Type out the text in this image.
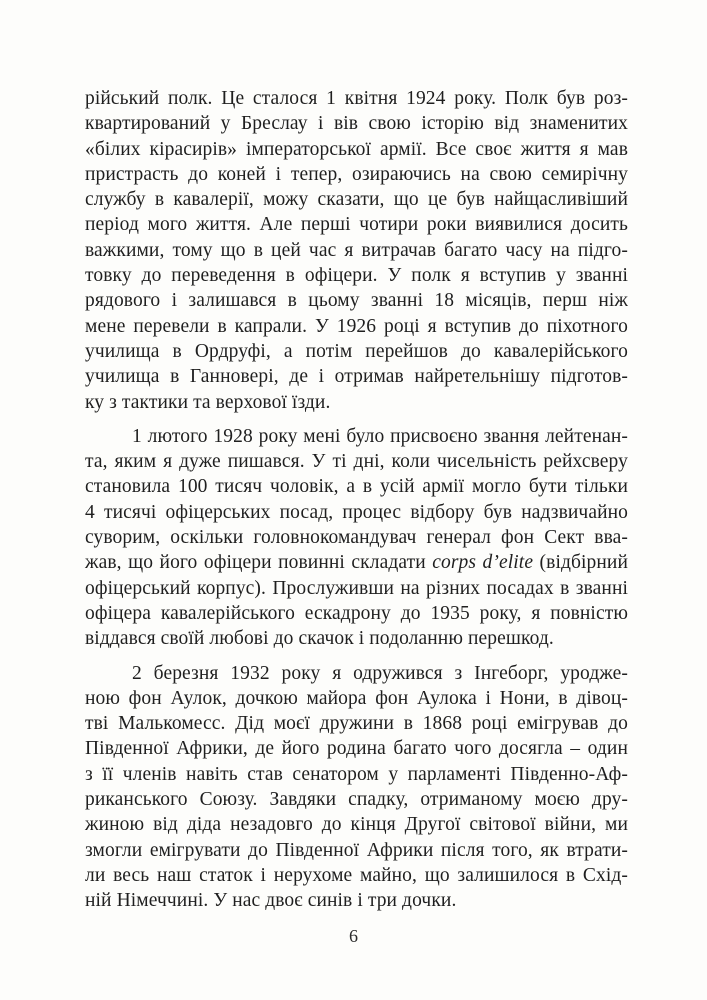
рійський полк. Це сталося 1 квітня 1924 року. Полк був роз-
квартирований у Бреслау і вів свою історію від знаменитих
«білих кірасирів» імператорської армії. Все своє життя я мав
пристрасть до коней і тепер, озираючись на свою семирічну
службу в кавалерії, можу сказати, що це був найщасливіший
період мого життя. Але перші чотири роки виявилися досить
важкими, тому що в цей час я витрачав багато часу на підго-
товку до переведення в офіцери. У полк я вступив у званні
рядового і залишався в цьому званні 18 місяців, перш ніж
мене перевели в капрали. У 1926 році я вступив до піхотного
училища в Ордруфі, а потім перейшов до кавалерійського
училища в Ганновері, де і отримав найретельнішу підготов-
ку з тактики та верхової їзди.
1 лютого 1928 року мені було присвоєно звання лейтенан-
та, яким я дуже пишався. У ті дні, коли чисельність рейхсверу
становила 100 тисяч чоловік, а в усій армії могло бути тільки
4 тисячі офіцерських посад, процес відбору був надзвичайно
суворим, оскільки головнокомандувач генерал фон Сект вва-
жав, що його офіцери повинні складати corps d’elite (відбірний
офіцерський корпус). Прослуживши на різних посадах в званні
офіцера кавалерійського ескадрону до 1935 року, я повністю
віддався своїй любові до скачок і подоланню перешкод.
2 березня 1932 року я одружився з Інгеборг, уродже-
ною фон Аулок, дочкою майора фон Аулока і Нони, в дівоц-
тві Малькомесс. Дід моєї дружини в 1868 році емігрував до
Південної Африки, де його родина багато чого досягла – один
з її членів навіть став сенатором у парламенті Південно-Аф-
риканського Союзу. Завдяки спадку, отриманому моєю дру-
жиною від діда незадовго до кінця Другої світової війни, ми
змогли емігрувати до Південної Африки після того, як втрати-
ли весь наш статок і нерухоме майно, що залишилося в Схід-
ній Німеччині. У нас двоє синів і три дочки.
6
